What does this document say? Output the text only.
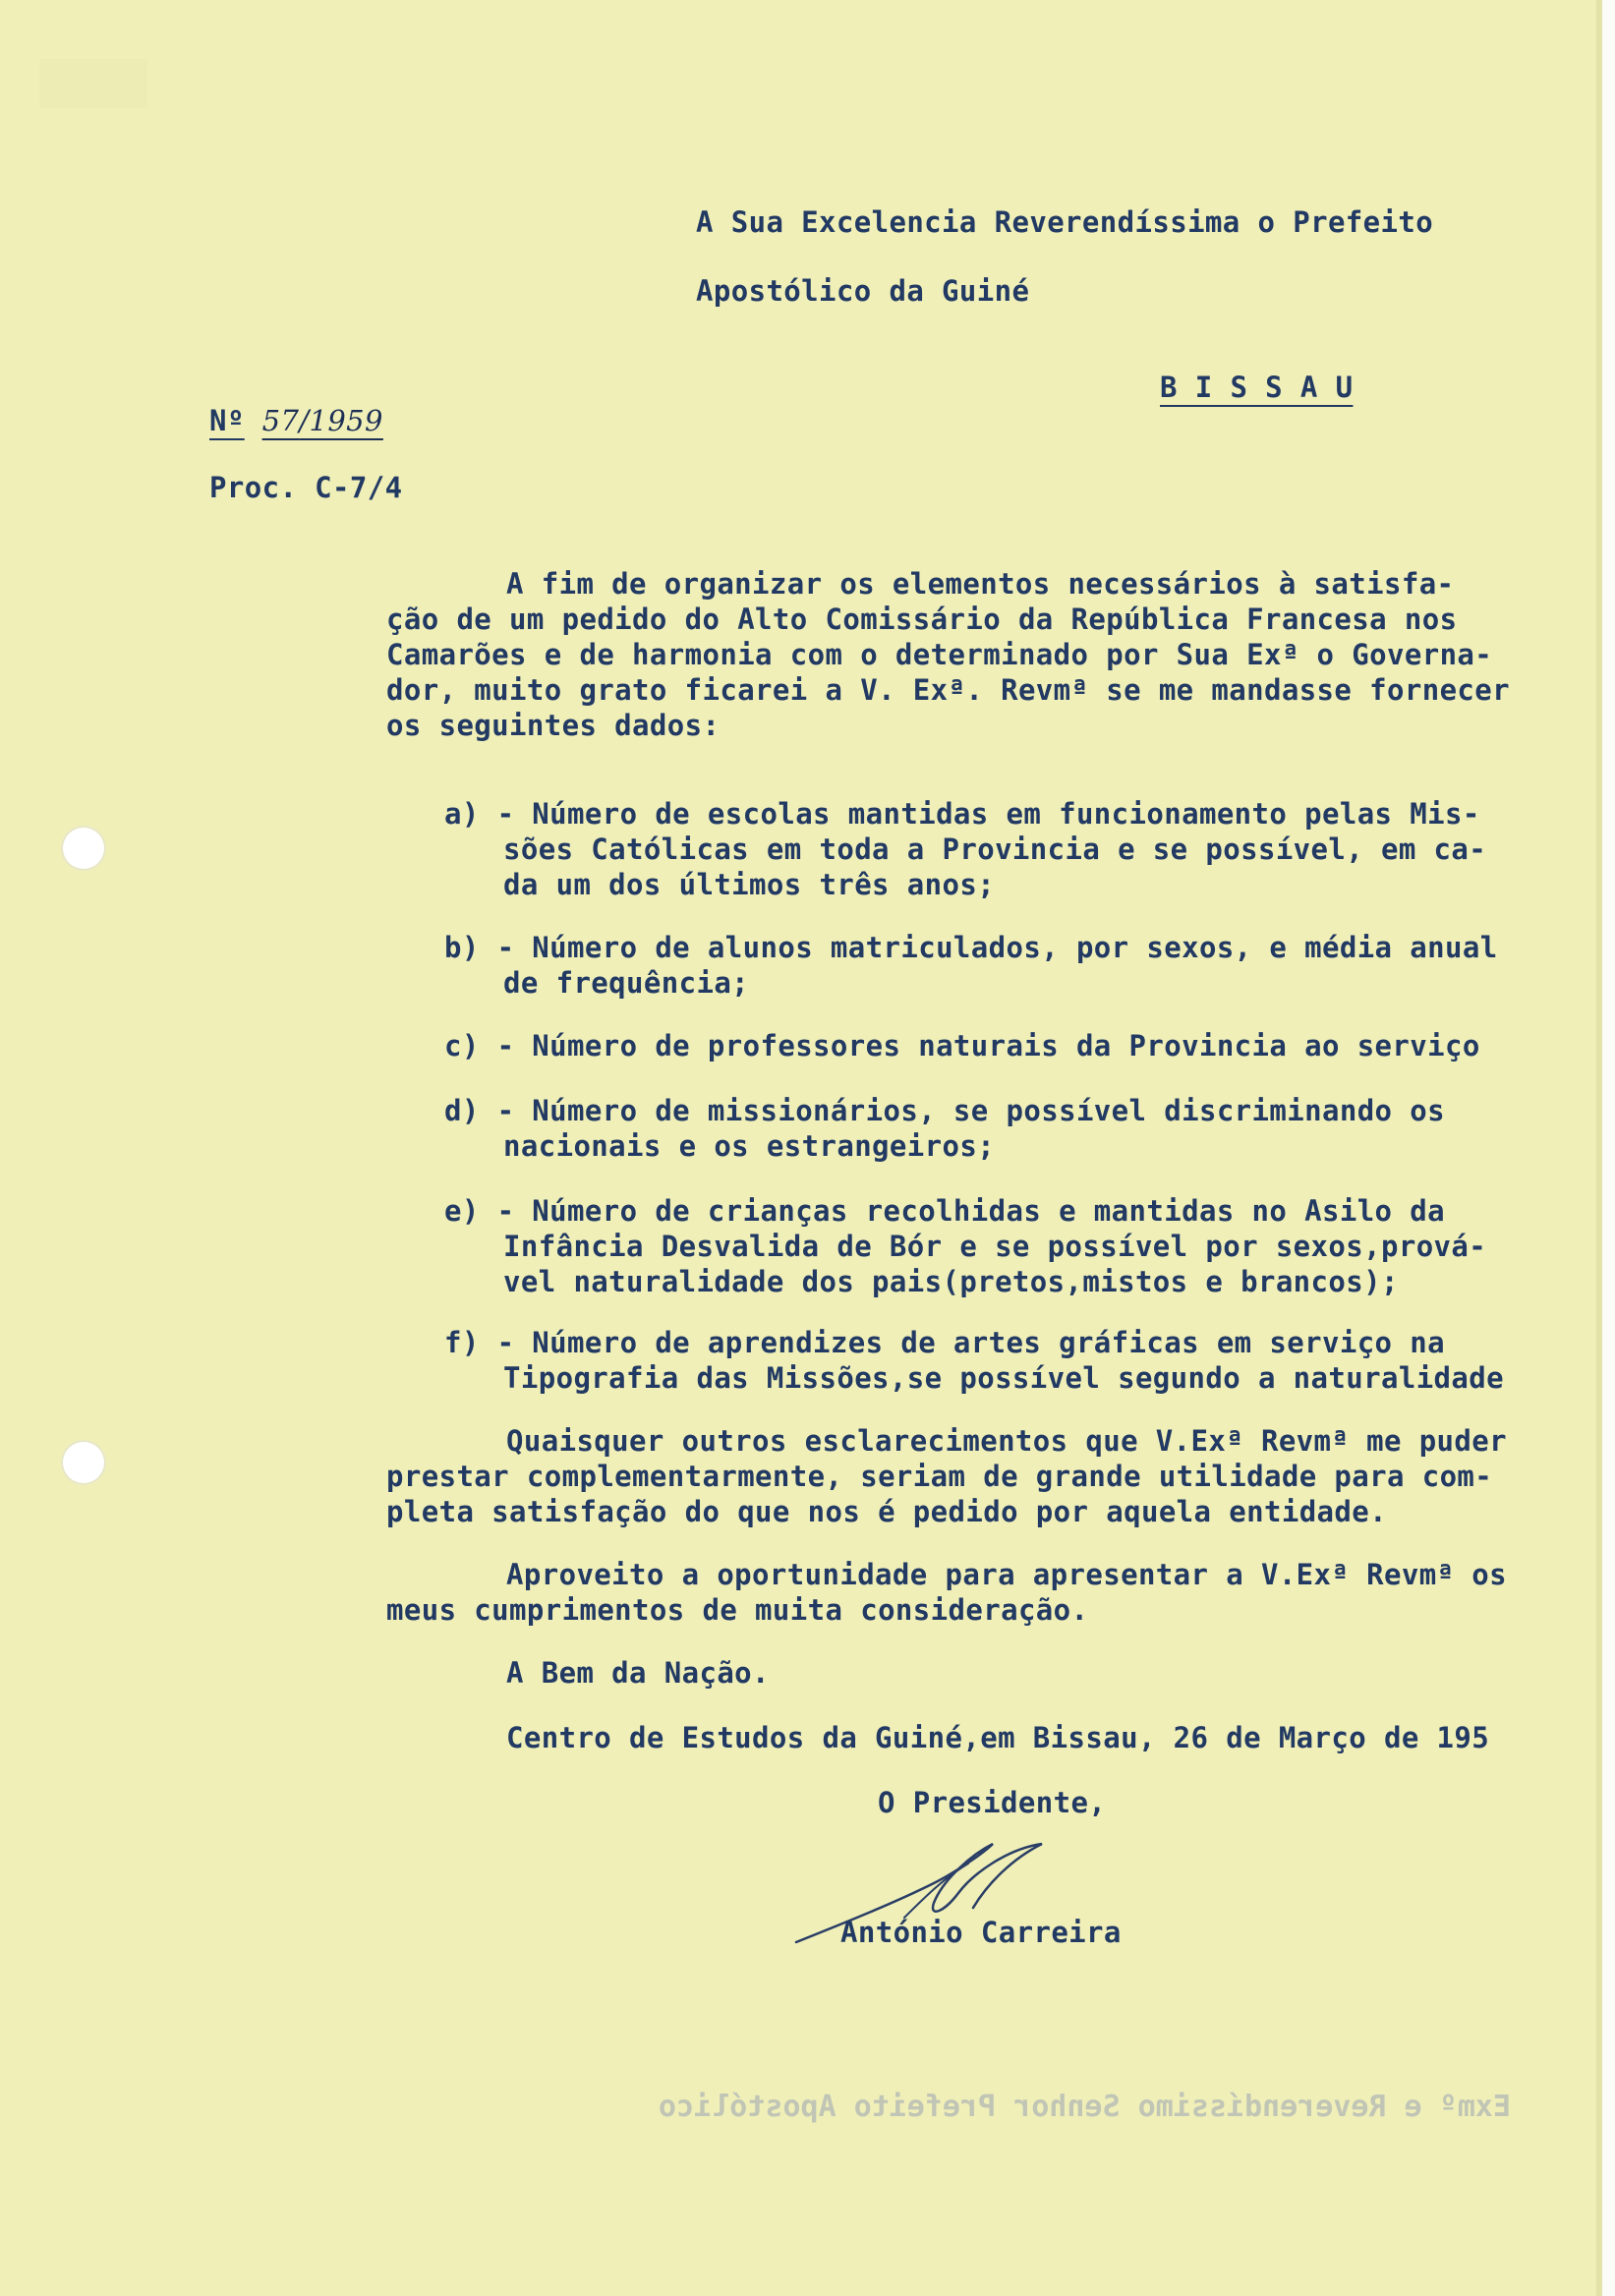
A Sua Excelencia Reverendíssima o Prefeito

Apostólico da Guiné

B I S S A U

Nº 57/1959

Proc. C-7/4

A fim de organizar os elementos necessários à satisfa-

ção de um pedido do Alto Comissário da República Francesa nos

Camarões e de harmonia com o determinado por Sua Exª o Governa-

dor, muito grato ficarei a V. Exª. Revmª se me mandasse fornecer

os seguintes dados:

a) - Número de escolas mantidas em funcionamento pelas Mis-

sões Católicas em toda a Provincia e se possível, em ca-

da um dos últimos três anos;

b) - Número de alunos matriculados, por sexos, e média anual

de frequência;

c) - Número de professores naturais da Provincia ao serviço

d) - Número de missionários, se possível discriminando os

nacionais e os estrangeiros;

e) - Número de crianças recolhidas e mantidas no Asilo da

Infância Desvalida de Bór e se possível por sexos,prová-

vel naturalidade dos pais(pretos,mistos e brancos);

f) - Número de aprendizes de artes gráficas em serviço na

Tipografia das Missões,se possível segundo a naturalidade

Quaisquer outros esclarecimentos que V.Exª Revmª me puder

prestar complementarmente, seriam de grande utilidade para com-

pleta satisfação do que nos é pedido por aquela entidade.

Aproveito a oportunidade para apresentar a V.Exª Revmª os

meus cumprimentos de muita consideração.

A Bem da Nação.

Centro de Estudos da Guiné,em Bissau, 26 de Março de 195

O Presidente,

António Carreira

Exmº e Reverendíssimo Senhor Prefeito Apostólico
